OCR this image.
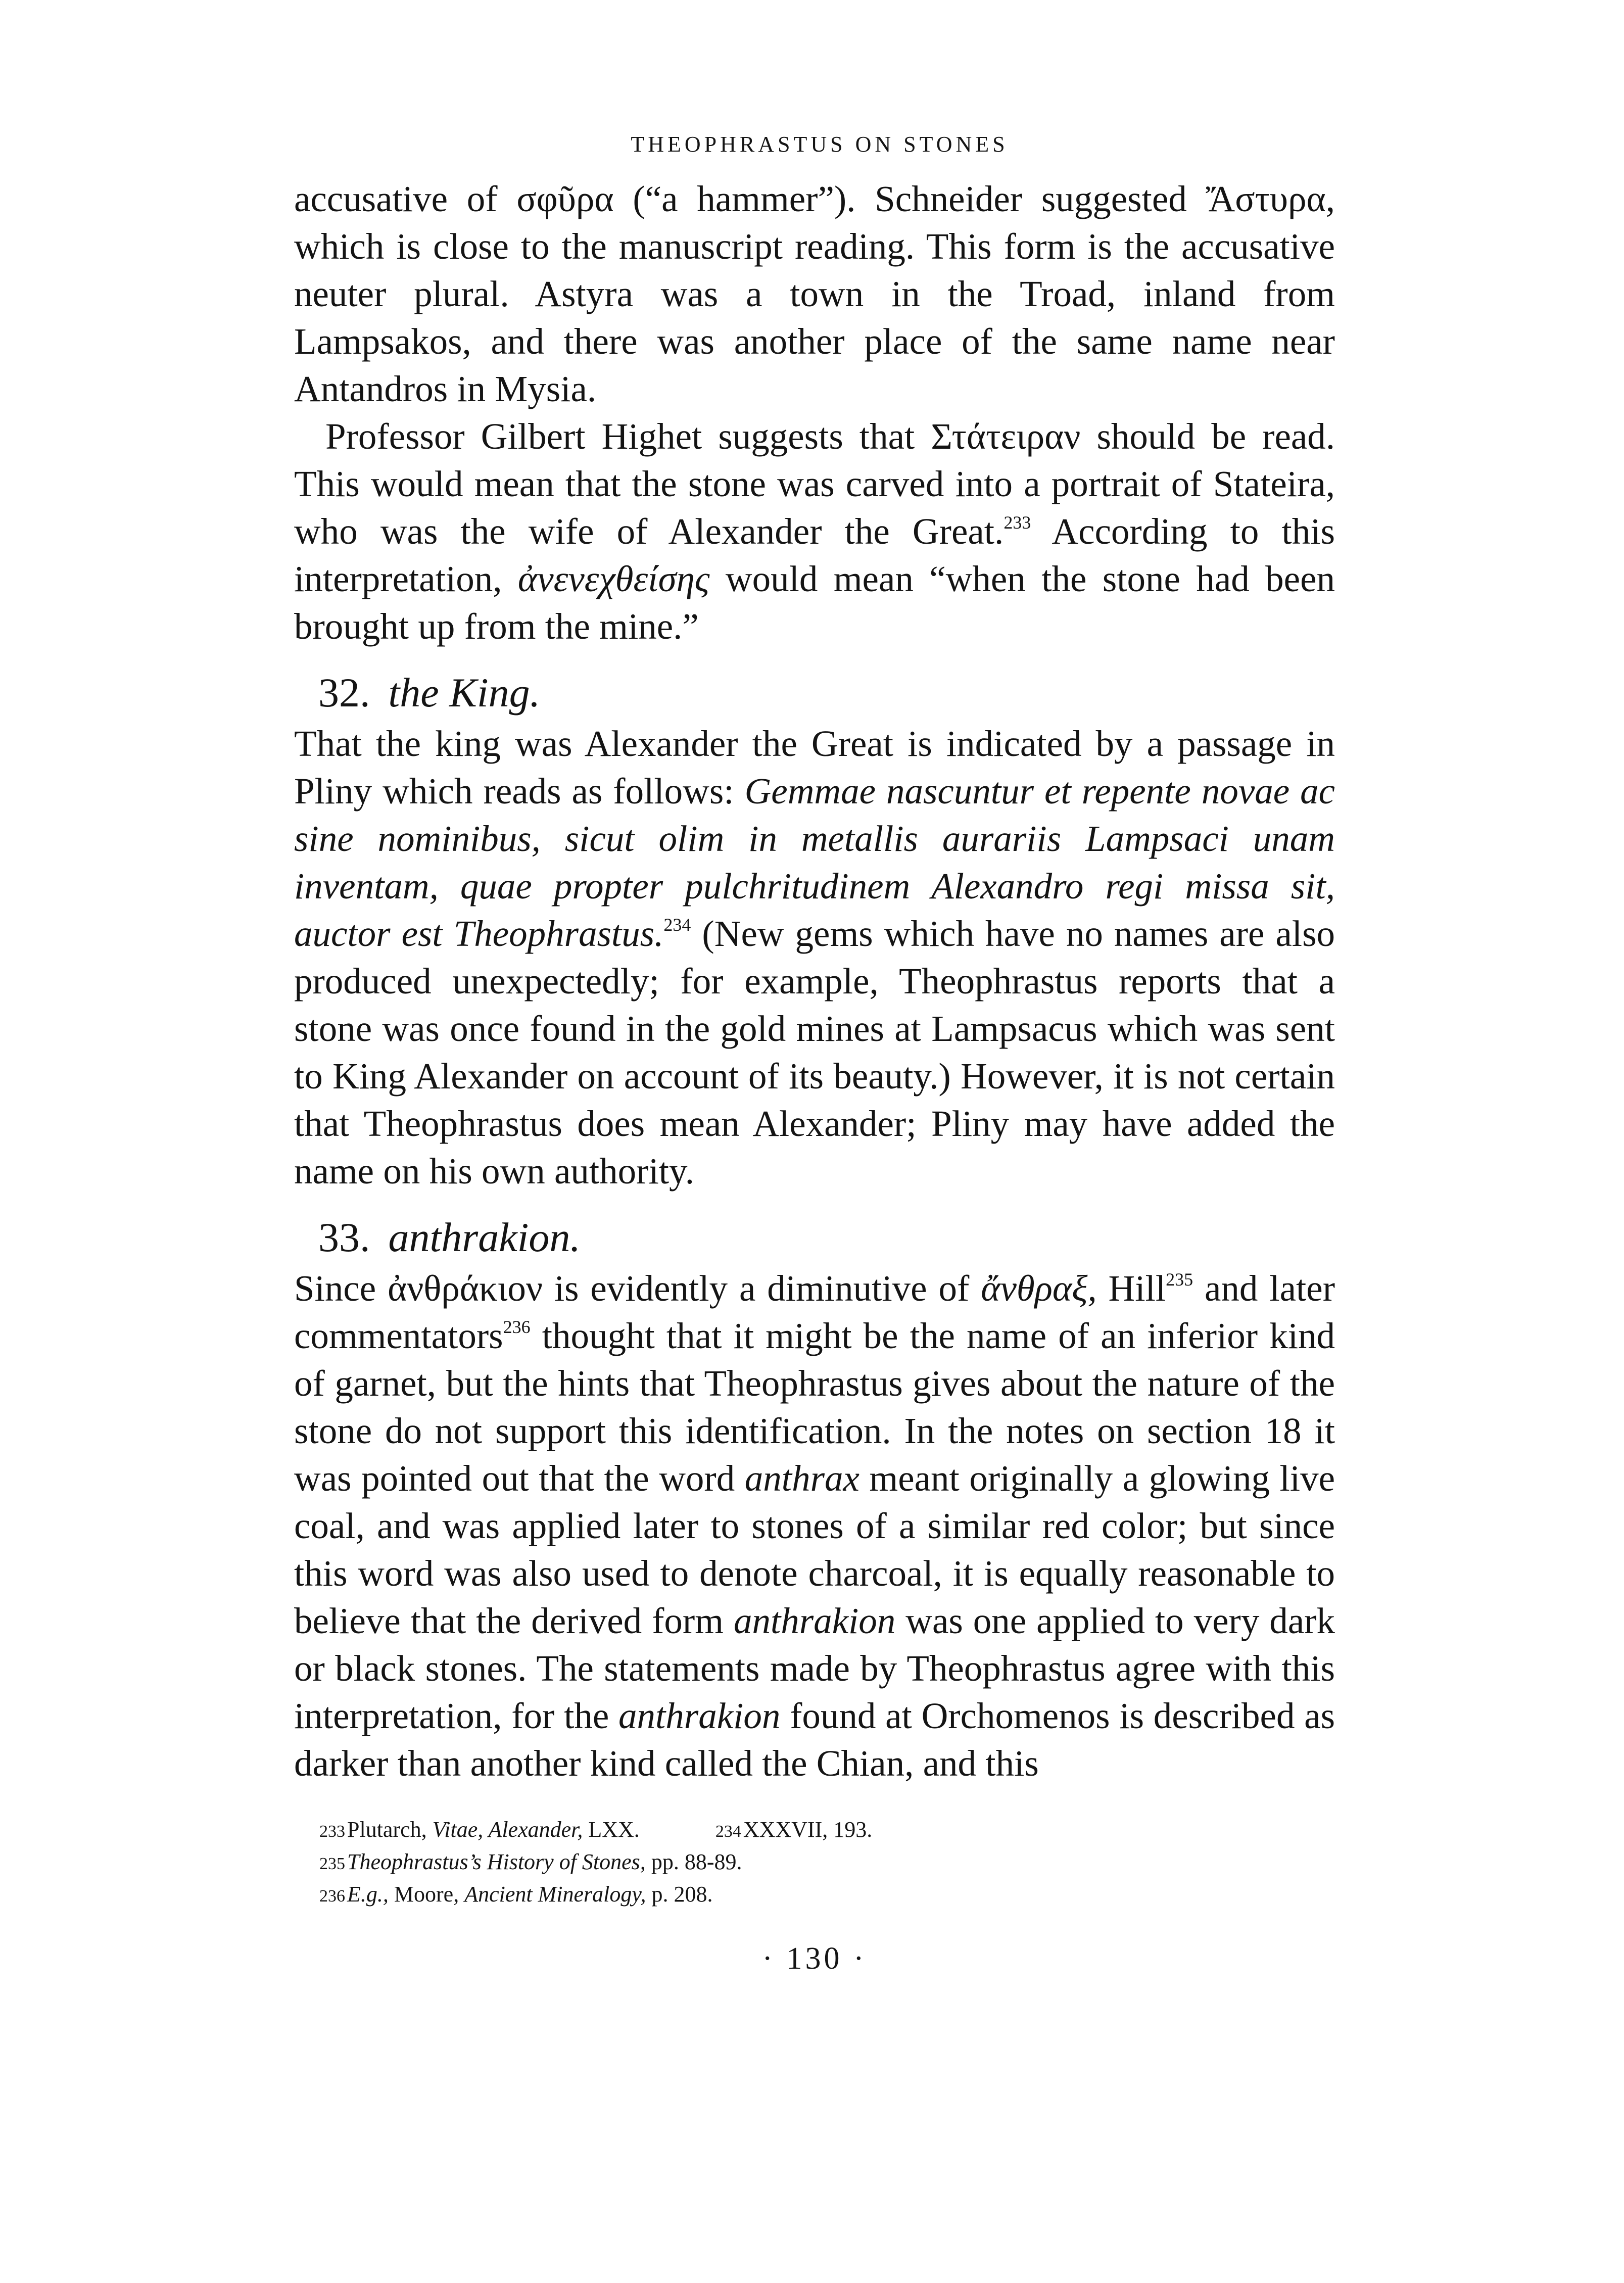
THEOPHRASTUS ON STONES

accusative of σφῦρα (“a hammer”). Schneider suggested Ἄστυρα, which is close to the manuscript reading. This form is the accusative neuter plural. Astyra was a town in the Troad, inland from Lampsakos, and there was another place of the same name near Antandros in Mysia.

Professor Gilbert Highet suggests that Στάτειραν should be read. This would mean that the stone was carved into a portrait of Stateira, who was the wife of Alexander the Great.$^{233}$ According to this interpretation, ἀνενεχθείσης would mean “when the stone had been brought up from the mine.”

32. the King.

That the king was Alexander the Great is indicated by a passage in Pliny which reads as follows: Gemmae nascuntur et repente novae ac sine nominibus, sicut olim in metallis aurariis Lampsaci unam inventam, quae propter pulchritudinem Alexandro regi missa sit, auctor est Theophrastus.$^{234}$ (New gems which have no names are also produced unexpectedly; for example, Theophrastus reports that a stone was once found in the gold mines at Lampsacus which was sent to King Alexander on account of its beauty.) However, it is not certain that Theophrastus does mean Alexander; Pliny may have added the name on his own authority.

33. anthrakion.

Since ἀνθράκιον is evidently a diminutive of ἄνθραξ, Hill$^{235}$ and later commentators$^{236}$ thought that it might be the name of an inferior kind of garnet, but the hints that Theophrastus gives about the nature of the stone do not support this identification. In the notes on section 18 it was pointed out that the word anthrax meant originally a glowing live coal, and was applied later to stones of a similar red color; but since this word was also used to denote charcoal, it is equally reasonable to believe that the derived form anthrakion was one applied to very dark or black stones. The statements made by Theophrastus agree with this interpretation, for the anthrakion found at Orchomenos is described as darker than another kind called the Chian, and this

233Plutarch, Vitae, Alexander, LXX.	234XXXVII, 193.
235Theophrastus’s History of Stones, pp. 88-89.
236E.g., Moore, Ancient Mineralogy, p. 208.
· 130 ·
